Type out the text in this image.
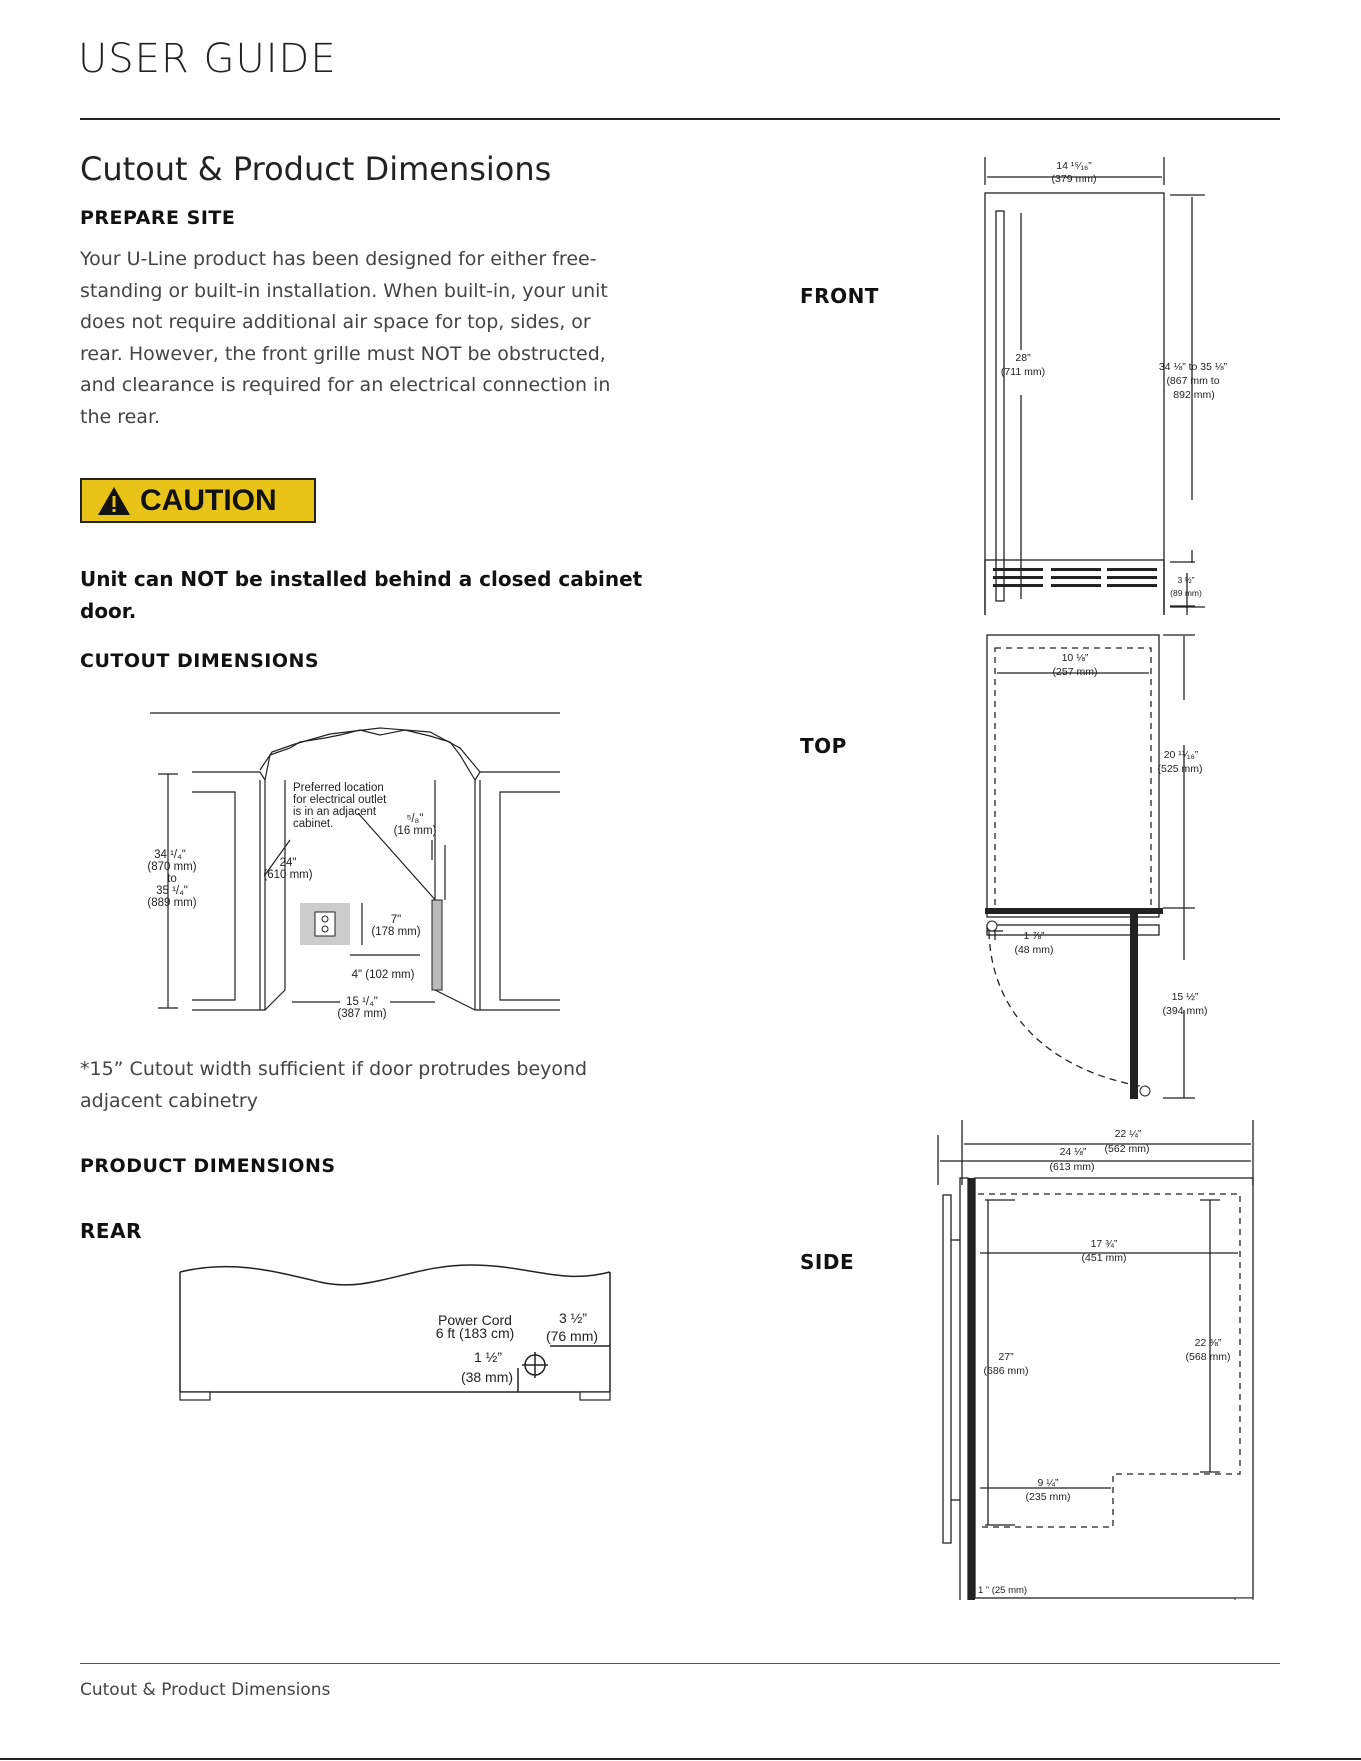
USER GUIDE
Cutout & Product Dimensions
PREPARE SITE
Your U-Line product has been designed for either free-
standing or built-in installation. When built-in, your unit
does not require additional air space for top, sides, or
rear. However, the front grille must NOT be obstructed,
and clearance is required for an electrical connection in
the rear.
CAUTION
Unit can NOT be installed behind a closed cabinet
door.
CUTOUT DIMENSIONS
34 ¹/₄"
(870 mm)
to
35 ¹/₄"
(889 mm)
24"
(610 mm)
Preferred location
for electrical outlet
is in an adjacent
cabinet.	⁵/₈"
(16 mm)
7"
(178 mm)
4" (102 mm)
15 ¹/₄"
(387 mm)
*15” Cutout width sufficient if door protrudes beyond
adjacent cabinetry
PRODUCT DIMENSIONS
REAR
Power Cord
6 ft (183 cm)
3 ½”
(76 mm)
1 ½”
(38 mm)
FRONT
TOP
SIDE
14 ¹⁵⁄₁₆”
(379 mm)
28”
(711 mm)	34 ⅛” to 35 ⅛”
(867 mm to
892 mm)
3 ½”
(89 mm)
10 ⅛”
(257 mm)
20 ¹¹⁄₁₆”
(525 mm)
1 ⅞”
(48 mm)
15 ½”
(394 mm)
22 ¼”
(562 mm)
24 ⅛”
(613 mm)
17 ¾”
(451 mm)
22 ⅜”
(568 mm)
27”
(686 mm)
9 ¼”
(235 mm)
1 ” (25 mm)
Cutout & Product Dimensions
